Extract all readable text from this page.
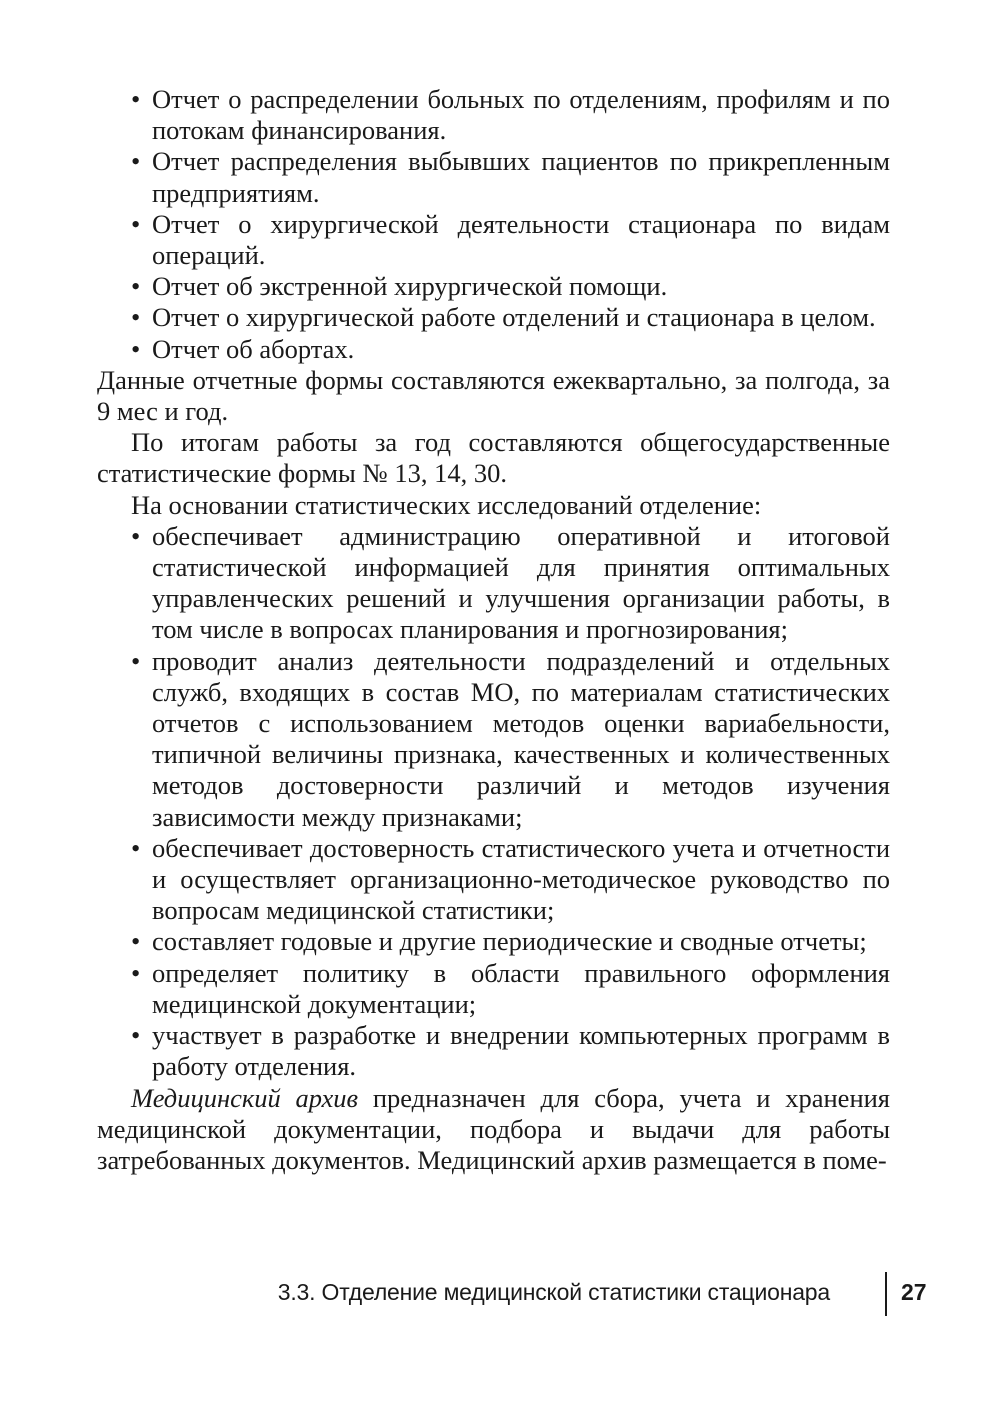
• Отчет о распределении больных по отделениям, профилям и по потокам финансирования.
• Отчет распределения выбывших пациентов по прикрепленным предприятиям.
• Отчет о хирургической деятельности стационара по видам операций.
• Отчет об экстренной хирургической помощи.
• Отчет о хирургической работе отделений и стационара в целом.
• Отчет об абортах.

Данные отчетные формы составляются ежеквартально, за полгода, за 9 мес и год.

По итогам работы за год составляются общегосударственные статистические формы № 13, 14, 30.

На основании статистических исследований отделение:

• обеспечивает администрацию оперативной и итоговой статистической информацией для принятия оптимальных управленческих решений и улучшения организации работы, в том числе в вопросах планирования и прогнозирования;
• проводит анализ деятельности подразделений и отдельных служб, входящих в состав МО, по материалам статистических отчетов с использованием методов оценки вариабельности, типичной величины признака, качественных и количественных методов достоверности различий и методов изучения зависимости между признаками;
• обеспечивает достоверность статистического учета и отчетности и осуществляет организационно-методическое руководство по вопросам медицинской статистики;
• составляет годовые и другие периодические и сводные отчеты;
• определяет политику в области правильного оформления медицинской документации;
• участвует в разработке и внедрении компьютерных программ в работу отделения.

Медицинский архив предназначен для сбора, учета и хранения медицинской документации, подбора и выдачи для работы затребованных документов. Медицинский архив размещается в поме-

3.3. Отделение медицинской статистики стационара	27
